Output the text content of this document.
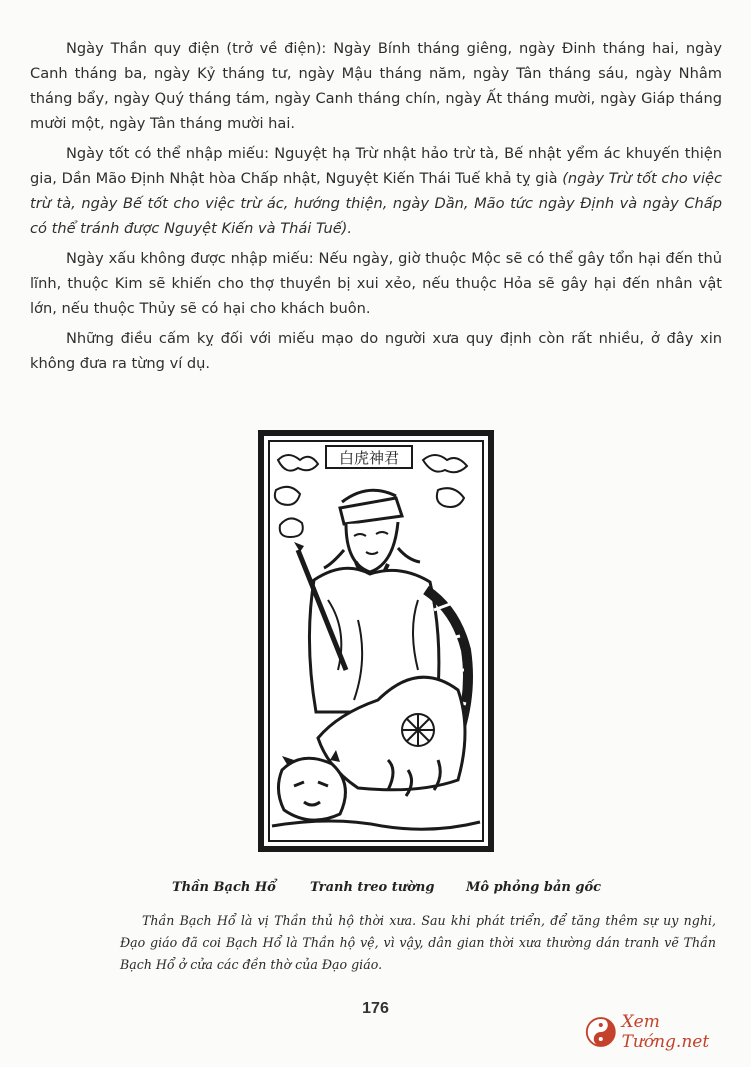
Ngày Thần quy điện (trở về điện): Ngày Bính tháng giêng, ngày Đinh tháng hai, ngày Canh tháng ba, ngày Kỷ tháng tư, ngày Mậu tháng năm, ngày Tân tháng sáu, ngày Nhâm tháng bẩy, ngày Quý tháng tám, ngày Canh tháng chín, ngày Ất tháng mười, ngày Giáp tháng mười một, ngày Tân tháng mười hai.

Ngày tốt có thể nhập miếu: Nguyệt hạ Trừ nhật hảo trừ tà, Bế nhật yểm ác khuyến thiện gia, Dần Mão Định Nhật hòa Chấp nhật, Nguyệt Kiến Thái Tuế khả tỵ già (ngày Trừ tốt cho việc trừ tà, ngày Bế tốt cho việc trừ ác, hướng thiện, ngày Dần, Mão tức ngày Định và ngày Chấp có thể tránh được Nguyệt Kiến và Thái Tuế).

Ngày xấu không được nhập miếu: Nếu ngày, giờ thuộc Mộc sẽ có thể gây tổn hại đến thủ lĩnh, thuộc Kim sẽ khiến cho thợ thuyền bị xui xẻo, nếu thuộc Hỏa sẽ gây hại đến nhân vật lớn, nếu thuộc Thủy sẽ có hại cho khách buôn.

Những điều cấm kỵ đối với miếu mạo do người xưa quy định còn rất nhiều, ở đây xin không đưa ra từng ví dụ.

白虎神君
Thần Bạch Hổ	Tranh treo tường Mô phỏng bản gốc

Thần Bạch Hổ là vị Thần thủ hộ thời xưa. Sau khi phát triển, để tăng thêm sự uy nghi, Đạo giáo đã coi Bạch Hổ là Thần hộ vệ, vì vậy, dân gian thời xưa thường dán tranh vẽ Thần Bạch Hổ ở cửa các đền thờ của Đạo giáo.

176
Xem Tướng.net
